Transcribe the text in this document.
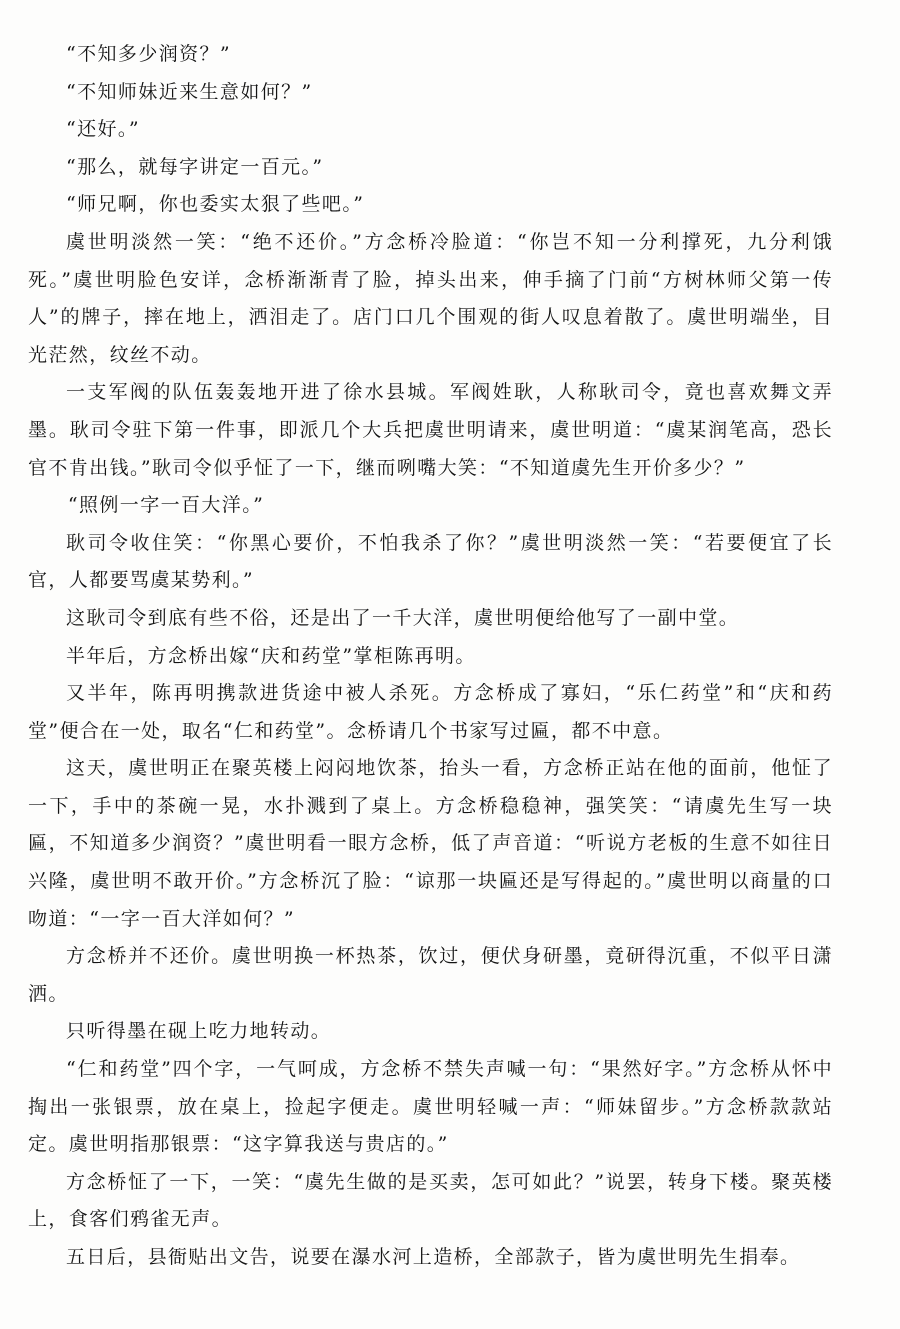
“不知多少润资？”

“不知师妹近来生意如何？”

“还好。”

“那么，就每字讲定一百元。”

“师兄啊，你也委实太狠了些吧。”

虞世明淡然一笑：“绝不还价。”方念桥冷脸道：“你岂不知一分利撑死，九分利饿死。”虞世明脸色安详，念桥渐渐青了脸，掉头出来，伸手摘了门前“方树林师父第一传人”的牌子，摔在地上，洒泪走了。店门口几个围观的街人叹息着散了。虞世明端坐，目光茫然，纹丝不动。

一支军阀的队伍轰轰地开进了徐水县城。军阀姓耿，人称耿司令，竟也喜欢舞文弄墨。耿司令驻下第一件事，即派几个大兵把虞世明请来，虞世明道：“虞某润笔高，恐长官不肯出钱。”耿司令似乎怔了一下，继而咧嘴大笑：“不知道虞先生开价多少？”

“照例一字一百大洋。”

耿司令收住笑：“你黑心要价，不怕我杀了你？”虞世明淡然一笑：“若要便宜了长官，人都要骂虞某势利。”

这耿司令到底有些不俗，还是出了一千大洋，虞世明便给他写了一副中堂。

半年后，方念桥出嫁“庆和药堂”掌柜陈再明。

又半年，陈再明携款进货途中被人杀死。方念桥成了寡妇，“乐仁药堂”和“庆和药堂”便合在一处，取名“仁和药堂”。念桥请几个书家写过匾，都不中意。

这天，虞世明正在聚英楼上闷闷地饮茶，抬头一看，方念桥正站在他的面前，他怔了一下，手中的茶碗一晃，水扑溅到了桌上。方念桥稳稳神，强笑笑：“请虞先生写一块匾，不知道多少润资？”虞世明看一眼方念桥，低了声音道：“听说方老板的生意不如往日兴隆，虞世明不敢开价。”方念桥沉了脸：“谅那一块匾还是写得起的。”虞世明以商量的口吻道：“一字一百大洋如何？”

方念桥并不还价。虞世明换一杯热茶，饮过，便伏身研墨，竟研得沉重，不似平日潇洒。

只听得墨在砚上吃力地转动。

“仁和药堂”四个字，一气呵成，方念桥不禁失声喊一句：“果然好字。”方念桥从怀中掏出一张银票，放在桌上，捡起字便走。虞世明轻喊一声：“师妹留步。”方念桥款款站定。虞世明指那银票：“这字算我送与贵店的。”

方念桥怔了一下，一笑：“虞先生做的是买卖，怎可如此？”说罢，转身下楼。聚英楼上，食客们鸦雀无声。

五日后，县衙贴出文告，说要在瀑水河上造桥，全部款子，皆为虞世明先生捐奉。
